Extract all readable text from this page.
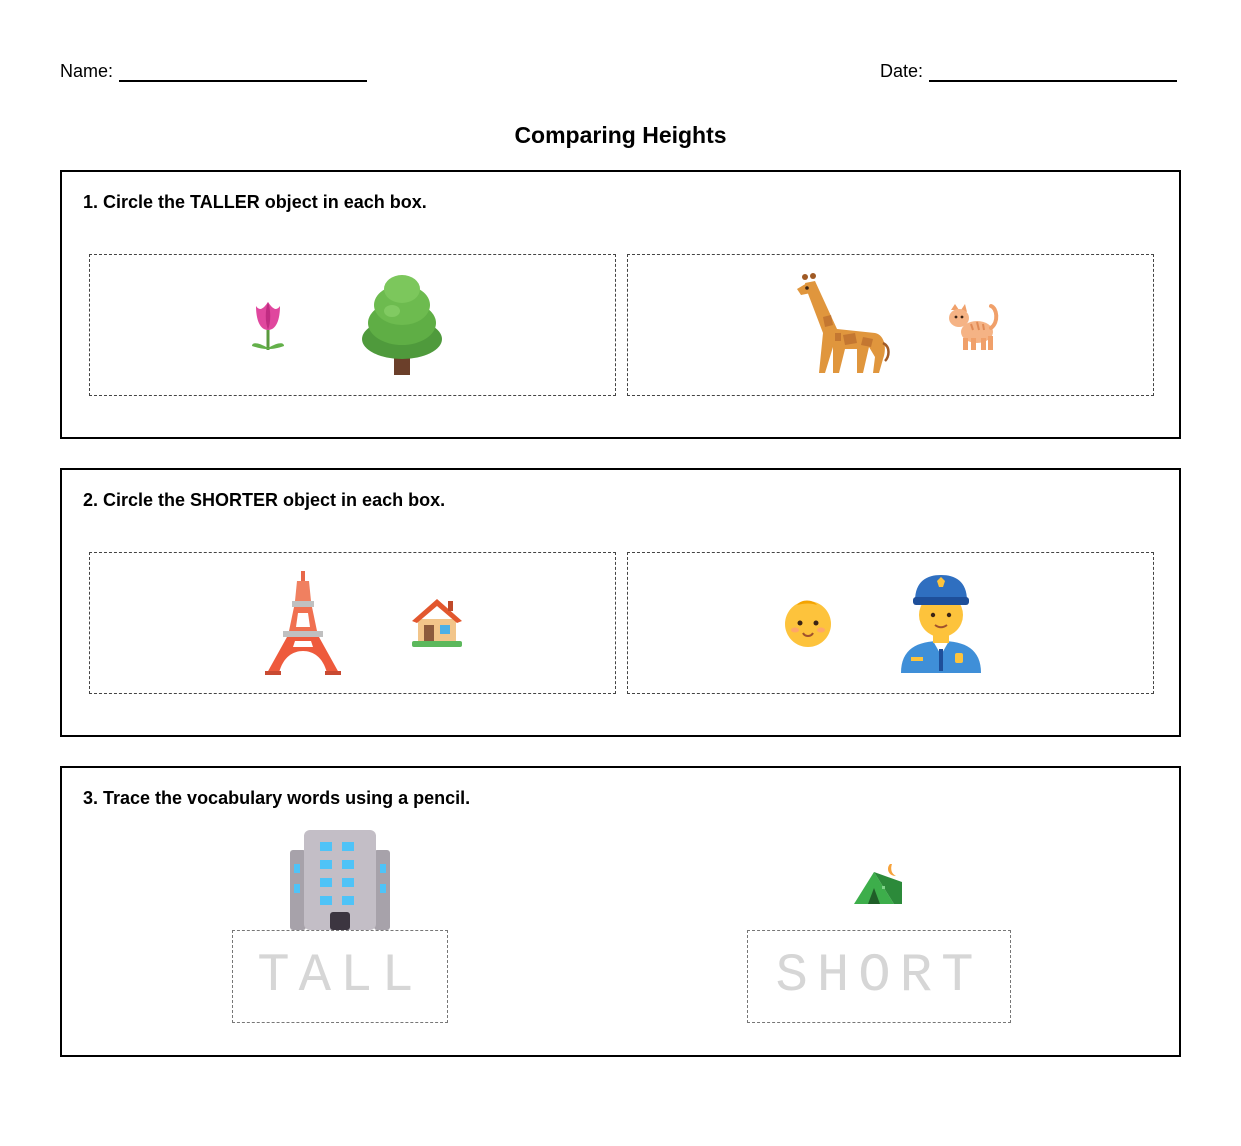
Name:	Date:
Comparing Heights
1. Circle the TALLER object in each box.
2. Circle the SHORTER object in each box.
3. Trace the vocabulary words using a pencil.
TALL	SHORT
